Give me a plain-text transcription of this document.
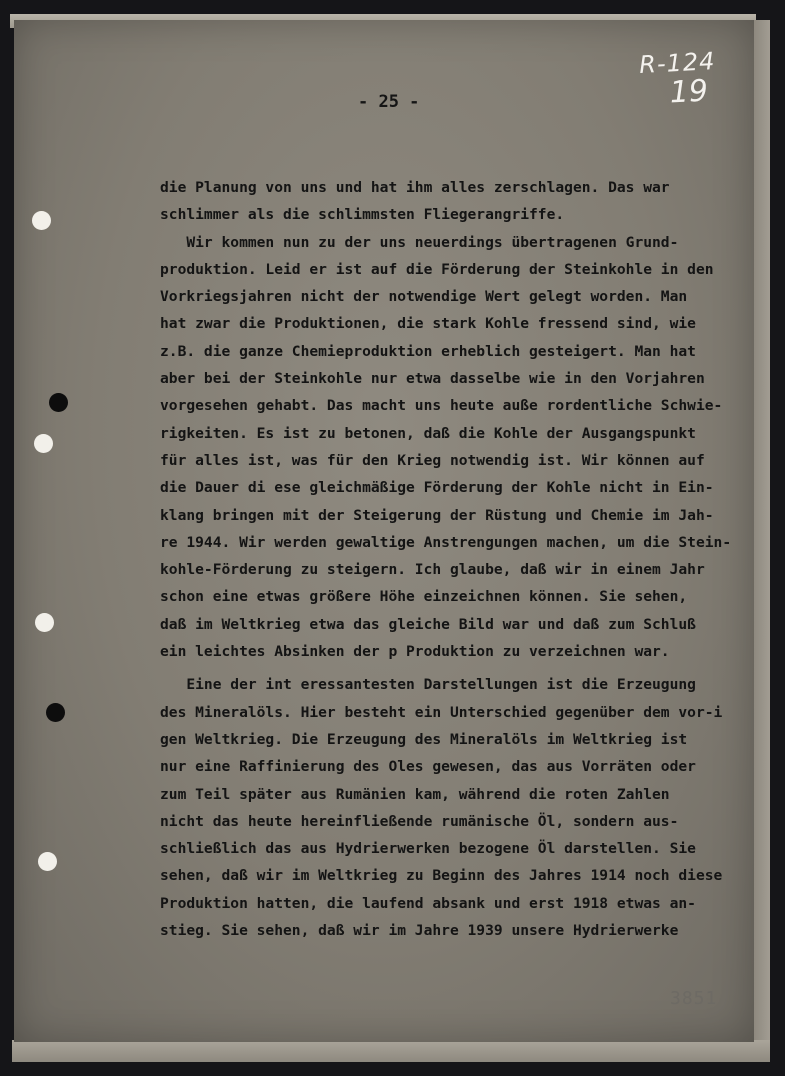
R-124
19
- 25 -
die Planung von uns und hat ihm alles zerschlagen. Das war
schlimmer als die schlimmsten Fliegerangriffe.
Wir kommen nun zu der uns neuerdings übertragenen Grund-
produktion. Leid er ist auf die Förderung der Steinkohle in den
Vorkriegsjahren nicht der notwendige Wert gelegt worden. Man
hat zwar die Produktionen, die stark Kohle fressend sind, wie
z.B. die ganze Chemieproduktion erheblich gesteigert. Man hat
aber bei der Steinkohle nur etwa dasselbe wie in den Vorjahren
vorgesehen gehabt. Das macht uns heute auße rordentliche Schwie-
rigkeiten. Es ist zu betonen, daß die Kohle der Ausgangspunkt
für alles ist, was für den Krieg notwendig ist. Wir können auf
die Dauer di ese gleichmäßige Förderung der Kohle nicht in Ein-
klang bringen mit der Steigerung der Rüstung und Chemie im Jah-
re 1944. Wir werden gewaltige Anstrengungen machen, um die Stein-
kohle-Förderung zu steigern. Ich glaube, daß wir in einem Jahr
schon eine etwas größere Höhe einzeichnen können. Sie sehen,
daß im Weltkrieg etwa das gleiche Bild war und daß zum Schluß
ein leichtes Absinken der p Produktion zu verzeichnen war.
Eine der int eressantesten Darstellungen ist die Erzeugung
des Mineralöls. Hier besteht ein Unterschied gegenüber dem vor-i
gen Weltkrieg. Die Erzeugung des Mineralöls im Weltkrieg ist
nur eine Raffinierung des Oles gewesen, das aus Vorräten oder
zum Teil später aus Rumänien kam, während die roten Zahlen
nicht das heute hereinfließende rumänische Öl, sondern aus-
schließlich das aus Hydrierwerken bezogene Öl darstellen. Sie
sehen, daß wir im Weltkrieg zu Beginn des Jahres 1914 noch diese
Produktion hatten, die laufend absank und erst 1918 etwas an-
stieg. Sie sehen, daß wir im Jahre 1939 unsere Hydrierwerke
3851
